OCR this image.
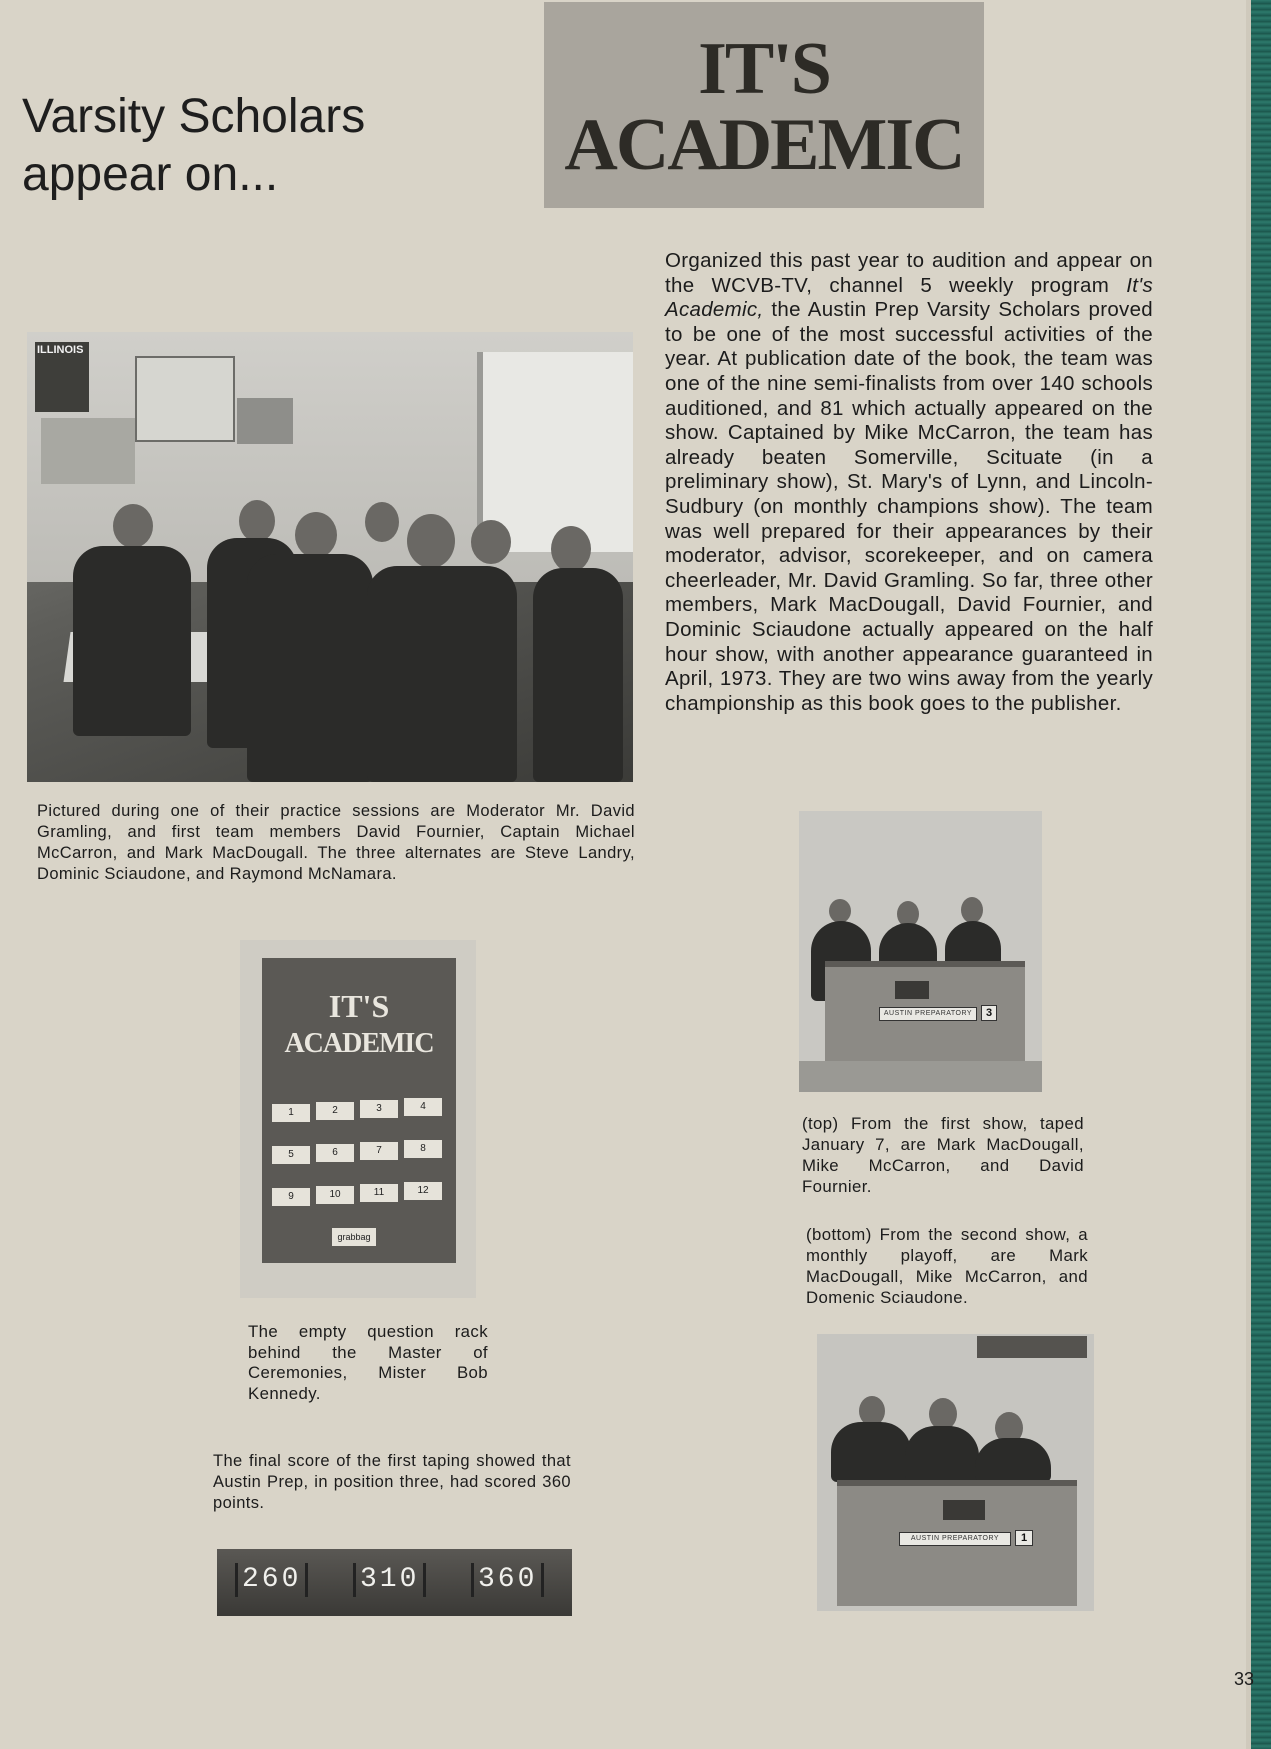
Varsity Scholars
appear on...
IT'S
ACADEMIC

Organized this past year to audition and appear on the WCVB-TV, channel 5 weekly program It's Academic, the Austin Prep Varsity Scholars proved to be one of the most successful activities of the year. At publication date of the book, the team was one of the nine semi-finalists from over 140 schools auditioned, and 81 which actually appeared on the show. Captained by Mike McCarron, the team has already beaten Somerville, Scituate (in a preliminary show), St. Mary's of Lynn, and Lincoln-Sudbury (on monthly champions show). The team was well prepared for their appearances by their moderator, advisor, scorekeeper, and on camera cheerleader, Mr. David Gramling. So far, three other members, Mark MacDougall, David Fournier, and Dominic Sciaudone actually appeared on the half hour show, with another appearance guaranteed in April, 1973. They are two wins away from the yearly championship as this book goes to the publisher.

ILLINOIS

Pictured during one of their practice sessions are Moderator Mr. David Gramling, and first team members David Fournier, Captain Michael McCarron, and Mark MacDougall. The three alternates are Steve Landry, Dominic Sciaudone, and Raymond McNamara.

IT'S
ACADEMIC
1	2	3	4
5	6	7	8
9	10	11	12
grabbag

The empty question rack behind the Master of Ceremonies, Mister Bob Kennedy.

The final score of the first taping showed that Austin Prep, in position three, had scored 360 points.

260 310 360
AUSTIN PREPARATORY	3

(top) From the first show, taped January 7, are Mark MacDougall, Mike McCarron, and David Fournier.

(bottom) From the second show, a monthly playoff, are Mark MacDougall, Mike McCarron, and Domenic Sciaudone.

AUSTIN PREPARATORY	1
33
